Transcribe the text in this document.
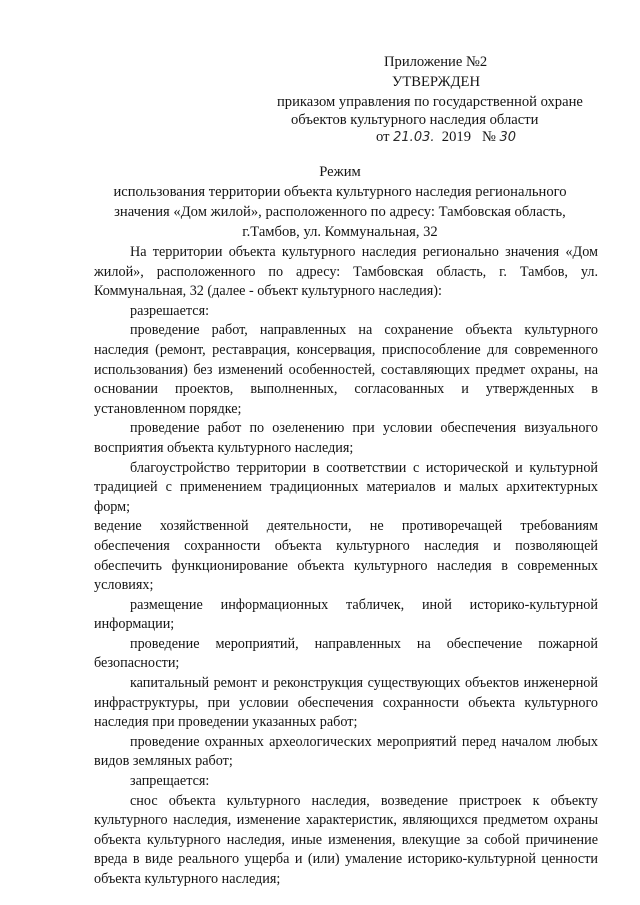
Приложение №2
УТВЕРЖДЕН
приказом управления по государственной охране
объектов культурного наследия области
от 21.03. 2019 № 30
Режим
использования территории объекта культурного наследия регионального
значения «Дом жилой», расположенного по адресу: Тамбовская область,
г.Тамбов, ул. Коммунальная, 32

На территории объекта культурного наследия регионально значения «Дом жилой», расположенного по адресу: Тамбовская область, г. Тамбов, ул. Коммунальная, 32 (далее - объект культурного наследия):

разрешается:

проведение работ, направленных на сохранение объекта культурного наследия (ремонт, реставрация, консервация, приспособление для современного использования) без изменений особенностей, составляющих предмет охраны, на основании проектов, выполненных, согласованных и утвержденных в установленном порядке;

проведение работ по озеленению при условии обеспечения визуального восприятия объекта культурного наследия;

благоустройство территории в соответствии с исторической и культурной традицией с применением традиционных материалов и малых архитектурных форм;

ведение хозяйственной деятельности, не противоречащей требованиям обеспечения сохранности объекта культурного наследия и позволяющей обеспечить функционирование объекта культурного наследия в современных условиях;

размещение информационных табличек, иной историко-культурной информации;

проведение мероприятий, направленных на обеспечение пожарной безопасности;

капитальный ремонт и реконструкция существующих объектов инженерной инфраструктуры, при условии обеспечения сохранности объекта культурного наследия при проведении указанных работ;

проведение охранных археологических мероприятий перед началом любых видов земляных работ;

запрещается:

снос объекта культурного наследия, возведение пристроек к объекту культурного наследия, изменение характеристик, являющихся предметом охраны объекта культурного наследия, иные изменения, влекущие за собой причинение вреда в виде реального ущерба и (или) умаление историко-культурной ценности объекта культурного наследия;
